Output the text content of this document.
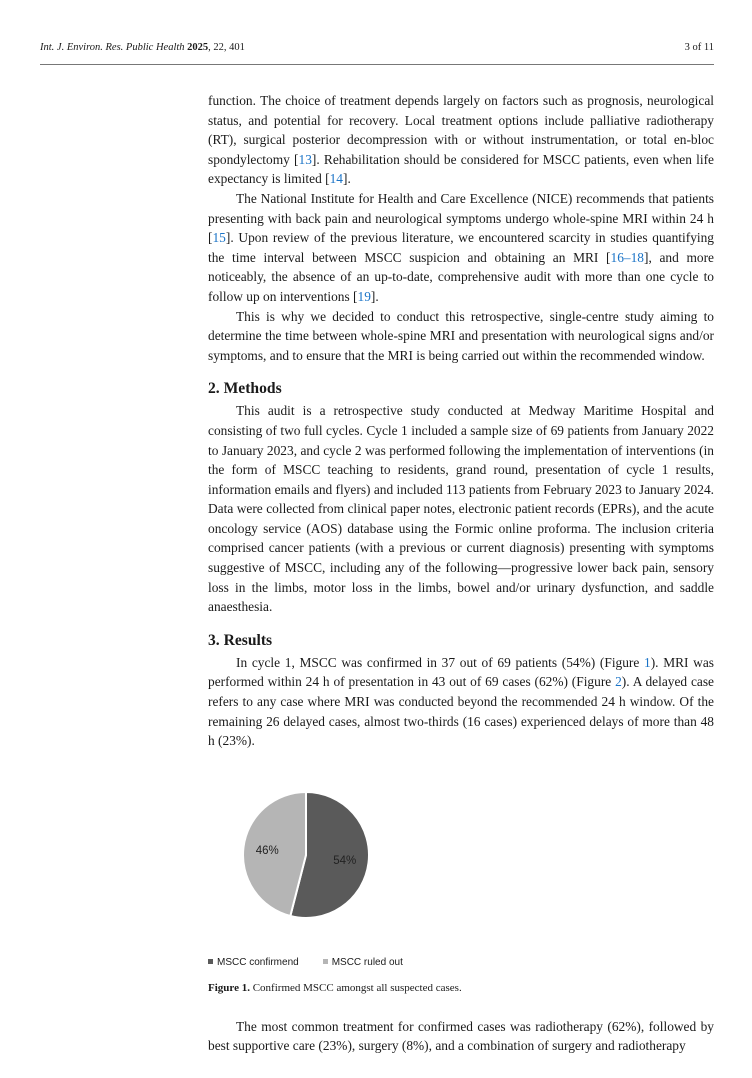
Int. J. Environ. Res. Public Health 2025, 22, 401	3 of 11

function. The choice of treatment depends largely on factors such as prognosis, neurological status, and potential for recovery. Local treatment options include palliative radiotherapy (RT), surgical posterior decompression with or without instrumentation, or total en-bloc spondylectomy [13]. Rehabilitation should be considered for MSCC patients, even when life expectancy is limited [14].

The National Institute for Health and Care Excellence (NICE) recommends that patients presenting with back pain and neurological symptoms undergo whole-spine MRI within 24 h [15]. Upon review of the previous literature, we encountered scarcity in studies quantifying the time interval between MSCC suspicion and obtaining an MRI [16–18], and more noticeably, the absence of an up-to-date, comprehensive audit with more than one cycle to follow up on interventions [19].

This is why we decided to conduct this retrospective, single-centre study aiming to determine the time between whole-spine MRI and presentation with neurological signs and/or symptoms, and to ensure that the MRI is being carried out within the recommended window.

2. Methods

This audit is a retrospective study conducted at Medway Maritime Hospital and consisting of two full cycles. Cycle 1 included a sample size of 69 patients from January 2022 to January 2023, and cycle 2 was performed following the implementation of interventions (in the form of MSCC teaching to residents, grand round, presentation of cycle 1 results, information emails and flyers) and included 113 patients from February 2023 to January 2024. Data were collected from clinical paper notes, electronic patient records (EPRs), and the acute oncology service (AOS) database using the Formic online proforma. The inclusion criteria comprised cancer patients (with a previous or current diagnosis) presenting with symptoms suggestive of MSCC, including any of the following—progressive lower back pain, sensory loss in the limbs, motor loss in the limbs, bowel and/or urinary dysfunction, and saddle anaesthesia.

3. Results

In cycle 1, MSCC was confirmed in 37 out of 69 patients (54%) (Figure 1). MRI was performed within 24 h of presentation in 43 out of 69 cases (62%) (Figure 2). A delayed case refers to any case where MRI was conducted beyond the recommended 24 h window. Of the remaining 26 delayed cases, almost two-thirds (16 cases) experienced delays of more than 48 h (23%).

54%
46%
MSCC confirmend	MSCC ruled out
Figure 1. Confirmed MSCC amongst all suspected cases.

The most common treatment for confirmed cases was radiotherapy (62%), followed by best supportive care (23%), surgery (8%), and a combination of surgery and radiotherapy
